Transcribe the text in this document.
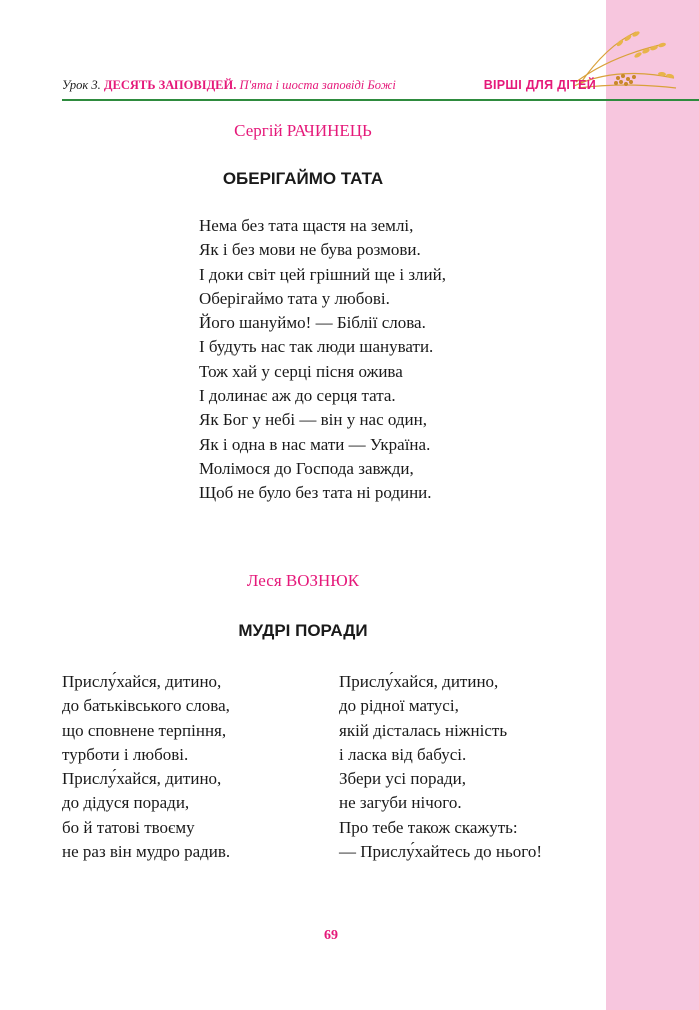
Урок 3. ДЕСЯТЬ ЗАПОВІДЕЙ. П'ята і шоста заповіді Божі	ВІРШІ ДЛЯ ДІТЕЙ
Сергій РАЧИНЕЦЬ
ОБЕРІГАЙМО ТАТА
Нема без тата щастя на землі,
Як і без мови не бува розмови.
І доки світ цей грішний ще і злий,
Оберігаймо тата у любові.
Його шануймо! — Біблії слова.
І будуть нас так люди шанувати.
Тож хай у серці пісня ожива
І долинає аж до серця тата.
Як Бог у небі — він у нас один,
Як і одна в нас мати — Україна.
Молімося до Господа завжди,
Щоб не було без тата ні родини.
Леся ВОЗНЮК
МУДРІ ПОРАДИ
Прислу́хайся, дитино,
до батьківського слова,
що сповнене терпіння,
турботи і любові.
Прислу́хайся, дитино,
до дідуся поради,
бо й татові твоєму
не раз він мудро радив.
Прислу́хайся, дитино,
до рідної матусі,
якій дісталась ніжність
і ласка від бабусі.
Збери усі поради,
не загуби нічого.
Про тебе також скажуть:
— Прислу́хайтесь до нього!
69
